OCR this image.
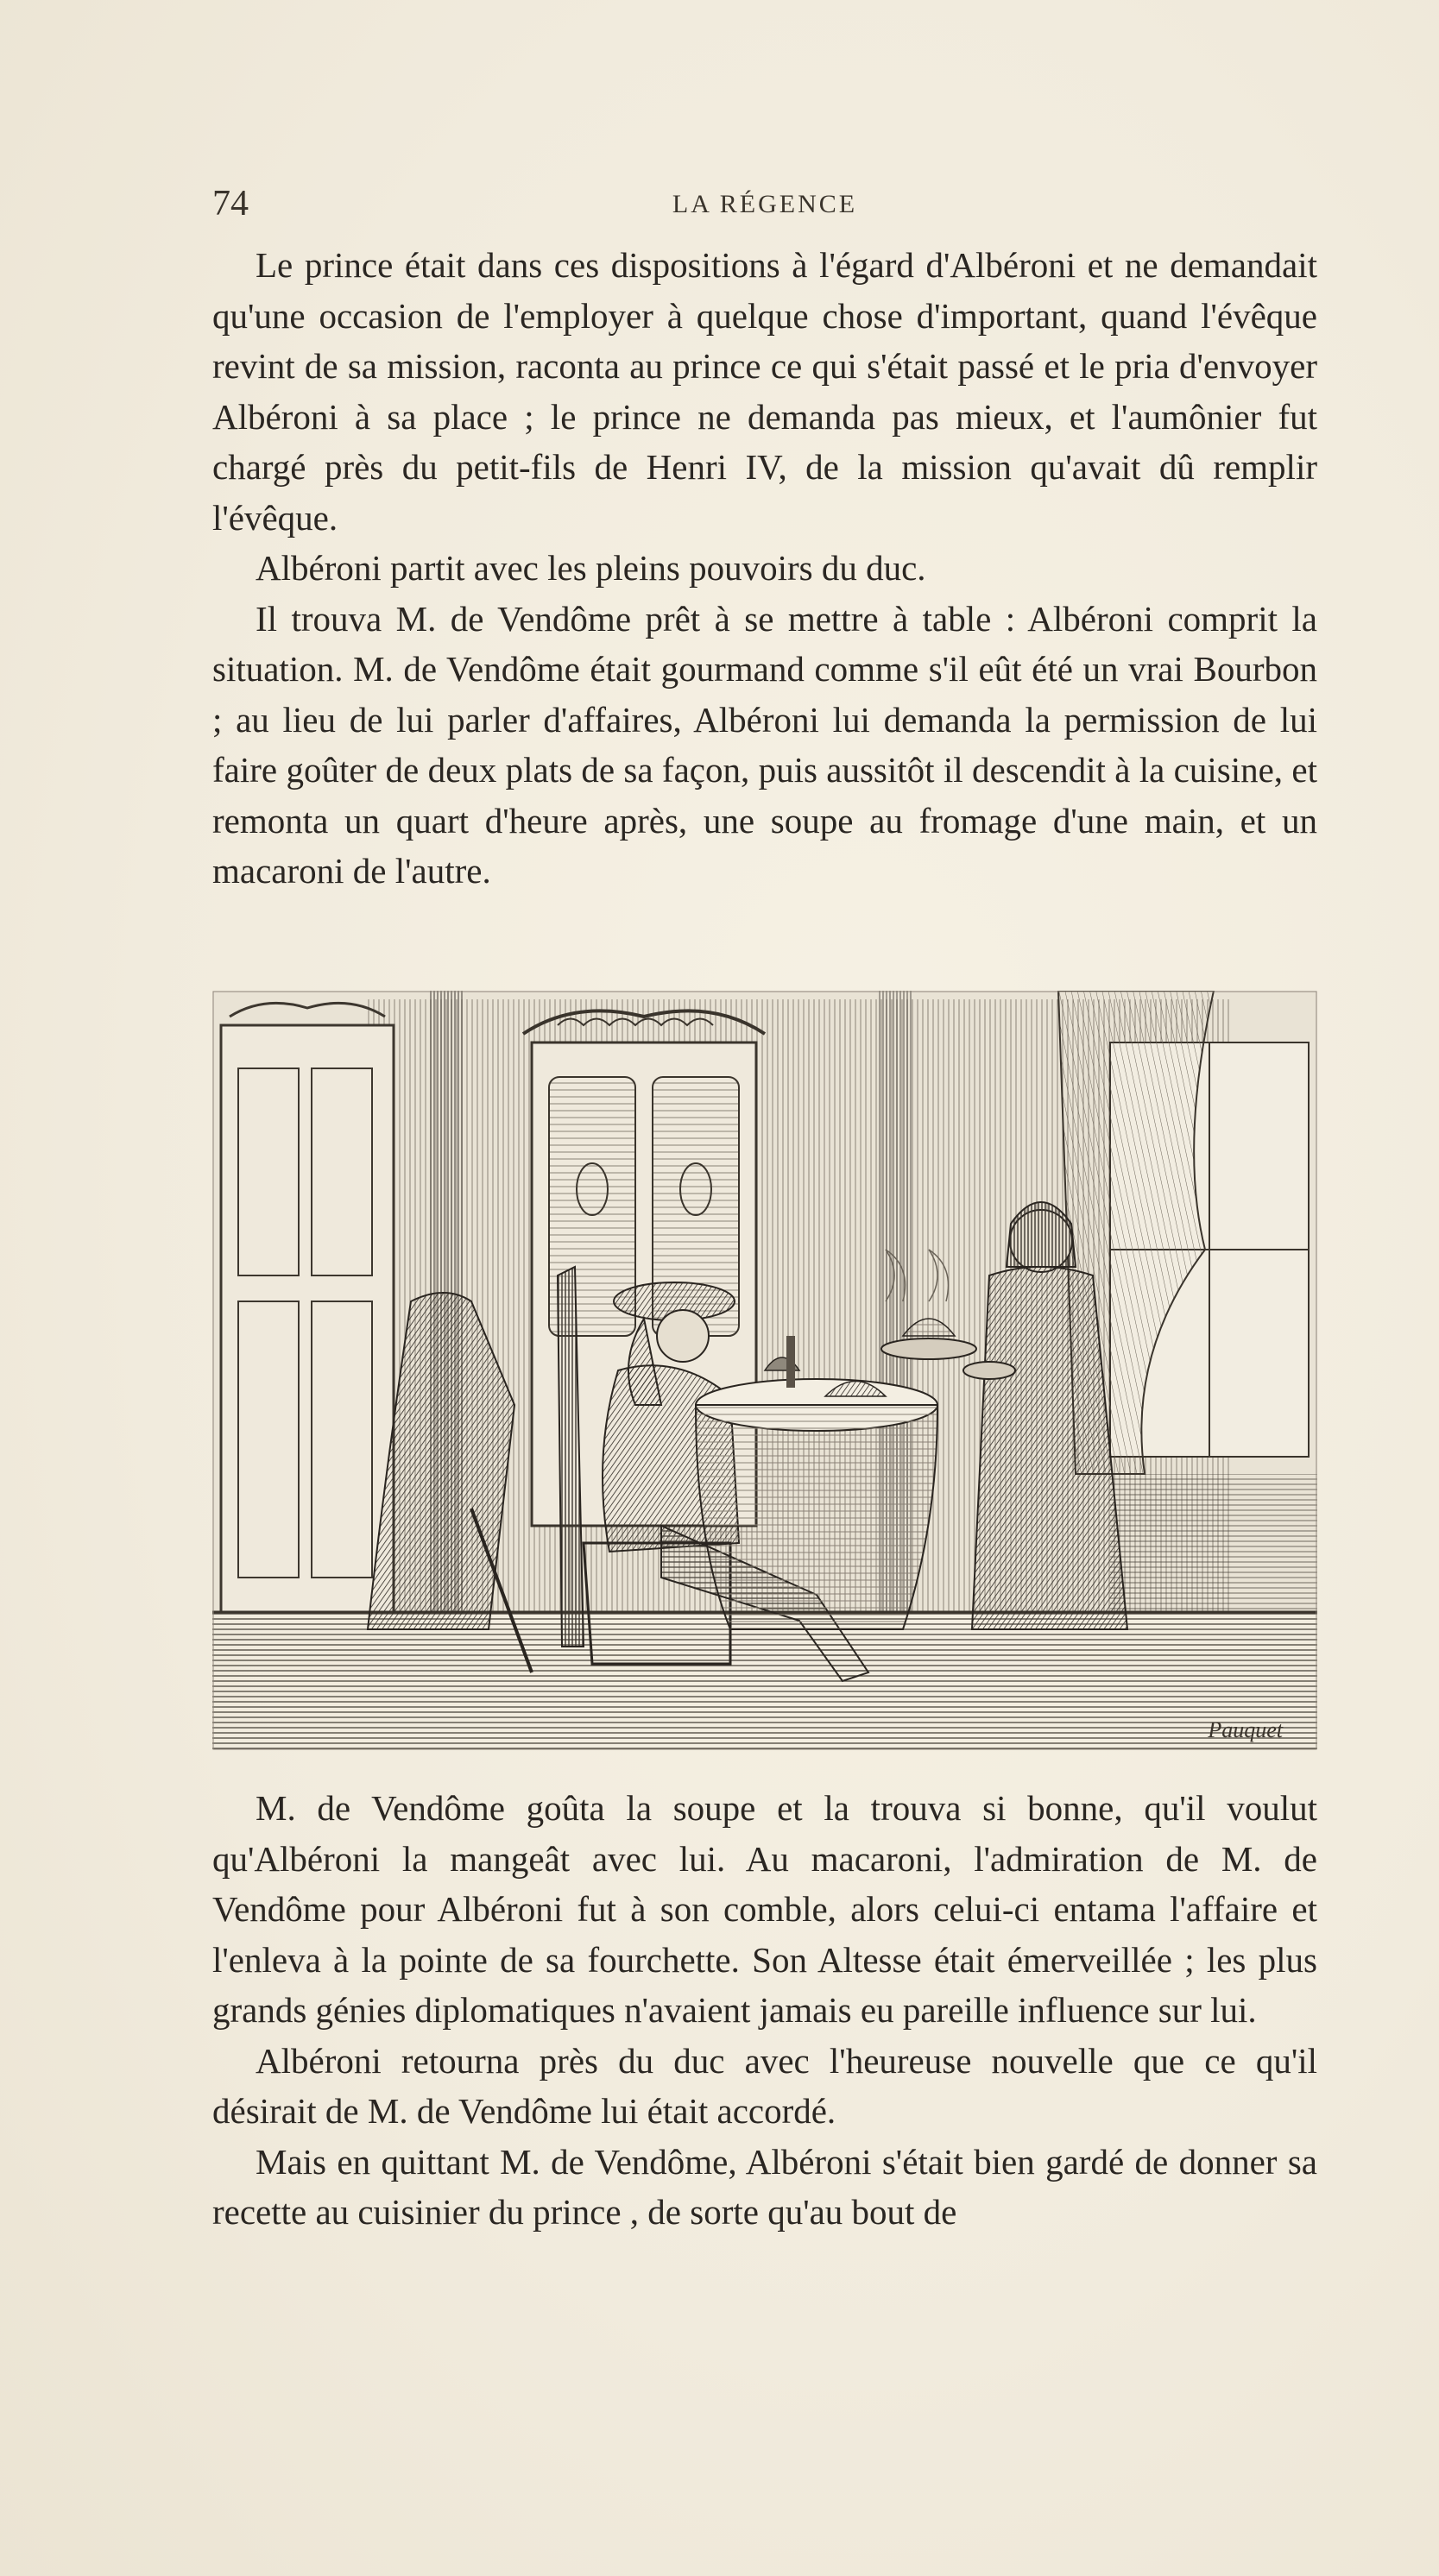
74	LA RÉGENCE

Le prince était dans ces dispositions à l'égard d'Albéroni et ne demandait qu'une occasion de l'employer à quelque chose d'important, quand l'évêque revint de sa mission, raconta au prince ce qui s'était passé et le pria d'envoyer Albéroni à sa place ; le prince ne demanda pas mieux, et l'aumônier fut chargé près du petit-fils de Henri IV, de la mission qu'avait dû remplir l'évêque.

Albéroni partit avec les pleins pouvoirs du duc.

Il trouva M. de Vendôme prêt à se mettre à table : Albéroni comprit la situation. M. de Vendôme était gourmand comme s'il eût été un vrai Bourbon ; au lieu de lui parler d'affaires, Albéroni lui demanda la permission de lui faire goûter de deux plats de sa façon, puis aussitôt il descendit à la cuisine, et remonta un quart d'heure après, une soupe au fromage d'une main, et un macaroni de l'autre.

Pauquet

M. de Vendôme goûta la soupe et la trouva si bonne, qu'il voulut qu'Albéroni la mangeât avec lui. Au macaroni, l'admiration de M. de Vendôme pour Albéroni fut à son comble, alors celui-ci entama l'affaire et l'enleva à la pointe de sa fourchette. Son Altesse était émerveillée ; les plus grands génies diplomatiques n'avaient jamais eu pareille influence sur lui.

Albéroni retourna près du duc avec l'heureuse nouvelle que ce qu'il désirait de M. de Vendôme lui était accordé.

Mais en quittant M. de Vendôme, Albéroni s'était bien gardé de donner sa recette au cuisinier du prince , de sorte qu'au bout de
